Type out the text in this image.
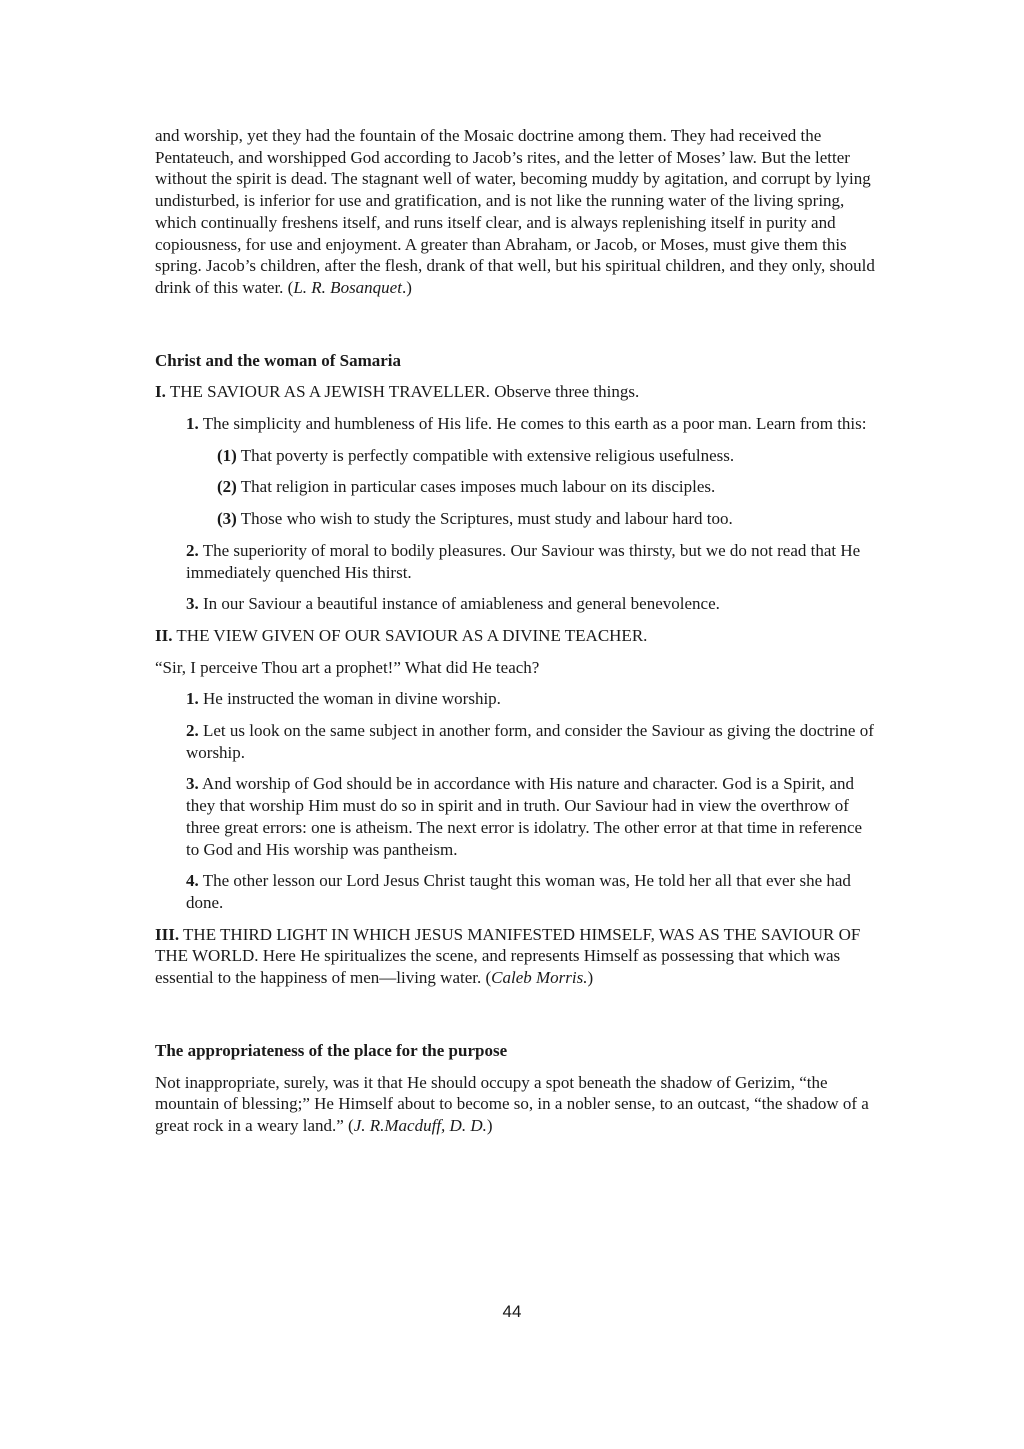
and worship, yet they had the fountain of the Mosaic doctrine among them. They had received the Pentateuch, and worshipped God according to Jacob’s rites, and the letter of Moses’ law. But the letter without the spirit is dead. The stagnant well of water, becoming muddy by agitation, and corrupt by lying undisturbed, is inferior for use and gratification, and is not like the running water of the living spring, which continually freshens itself, and runs itself clear, and is always replenishing itself in purity and copiousness, for use and enjoyment. A greater than Abraham, or Jacob, or Moses, must give them this spring. Jacob’s children, after the flesh, drank of that well, but his spiritual children, and they only, should drink of this water. (L. R. Bosanquet.)

Christ and the woman of Samaria

I. THE SAVIOUR AS A JEWISH TRAVELLER. Observe three things.

1. The simplicity and humbleness of His life. He comes to this earth as a poor man. Learn from this:

(1) That poverty is perfectly compatible with extensive religious usefulness.

(2) That religion in particular cases imposes much labour on its disciples.

(3) Those who wish to study the Scriptures, must study and labour hard too.

2. The superiority of moral to bodily pleasures. Our Saviour was thirsty, but we do not read that He immediately quenched His thirst.

3. In our Saviour a beautiful instance of amiableness and general benevolence.

II. THE VIEW GIVEN OF OUR SAVIOUR AS A DIVINE TEACHER.

“Sir, I perceive Thou art a prophet!” What did He teach?

1. He instructed the woman in divine worship.

2. Let us look on the same subject in another form, and consider the Saviour as giving the doctrine of worship.

3. And worship of God should be in accordance with His nature and character. God is a Spirit, and they that worship Him must do so in spirit and in truth. Our Saviour had in view the overthrow of three great errors: one is atheism. The next error is idolatry. The other error at that time in reference to God and His worship was pantheism.

4. The other lesson our Lord Jesus Christ taught this woman was, He told her all that ever she had done.

III. THE THIRD LIGHT IN WHICH JESUS MANIFESTED HIMSELF, WAS AS THE SAVIOUR OF THE WORLD. Here He spiritualizes the scene, and represents Himself as possessing that which was essential to the happiness of men—living water. (Caleb Morris.)

The appropriateness of the place for the purpose

Not inappropriate, surely, was it that He should occupy a spot beneath the shadow of Gerizim, “the mountain of blessing;” He Himself about to become so, in a nobler sense, to an outcast, “the shadow of a great rock in a weary land.” (J. R.Macduff, D. D.)

44
